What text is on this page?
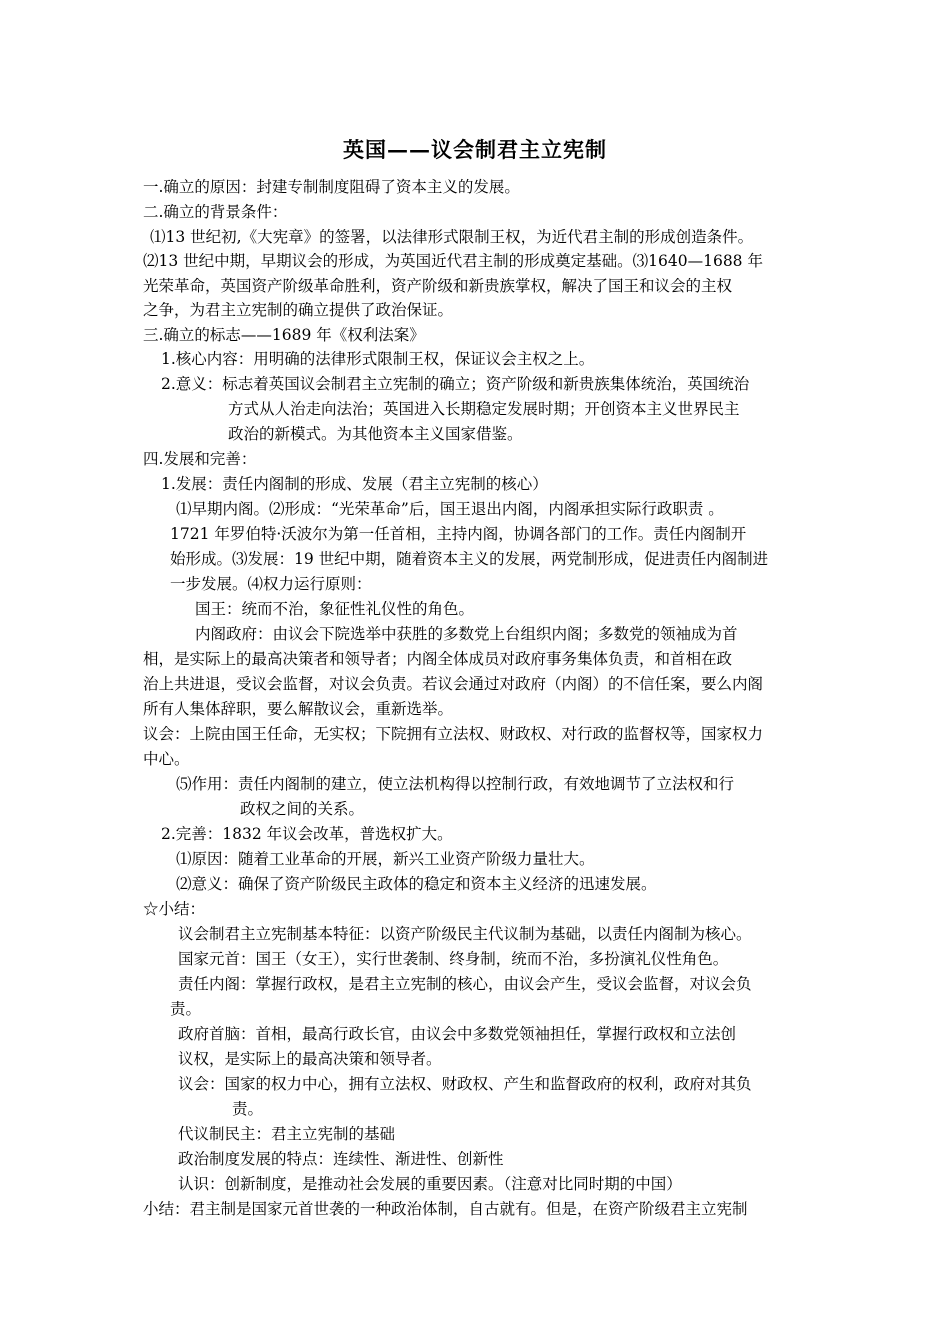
英国——议会制君主立宪制
一.确立的原因：封建专制制度阻碍了资本主义的发展。
二.确立的背景条件：
⑴13 世纪初,《大宪章》的签署，以法律形式限制王权，为近代君主制的形成创造条件。
⑵13 世纪中期，早期议会的形成，为英国近代君主制的形成奠定基础。⑶1640—1688 年
光荣革命，英国资产阶级革命胜利，资产阶级和新贵族掌权，解决了国王和议会的主权
之争，为君主立宪制的确立提供了政治保证。
三.确立的标志——1689 年《权利法案》
1.核心内容：用明确的法律形式限制王权，保证议会主权之上。
2.意义：标志着英国议会制君主立宪制的确立；资产阶级和新贵族集体统治，英国统治
方式从人治走向法治；英国进入长期稳定发展时期；开创资本主义世界民主
政治的新模式。为其他资本主义国家借鉴。
四.发展和完善：
1.发展：责任内阁制的形成、发展（君主立宪制的核心）
⑴早期内阁。⑵形成：“光荣革命”后，国王退出内阁，内阁承担实际行政职责 。
1721 年罗伯特·沃波尔为第一任首相，主持内阁，协调各部门的工作。责任内阁制开
始形成。⑶发展：19 世纪中期，随着资本主义的发展，两党制形成，促进责任内阁制进
一步发展。⑷权力运行原则：
国王：统而不治，象征性礼仪性的角色。
内阁政府：由议会下院选举中获胜的多数党上台组织内阁；多数党的领袖成为首
相，是实际上的最高决策者和领导者；内阁全体成员对政府事务集体负责，和首相在政
治上共进退，受议会监督，对议会负责。若议会通过对政府（内阁）的不信任案，要么内阁
所有人集体辞职，要么解散议会，重新选举。
议会：上院由国王任命，无实权；下院拥有立法权、财政权、对行政的监督权等，国家权力
中心。
⑸作用：责任内阁制的建立，使立法机构得以控制行政，有效地调节了立法权和行
政权之间的关系。
2.完善：1832 年议会改革，普选权扩大。
⑴原因：随着工业革命的开展，新兴工业资产阶级力量壮大。
⑵意义：确保了资产阶级民主政体的稳定和资本主义经济的迅速发展。
☆小结：
议会制君主立宪制基本特征：以资产阶级民主代议制为基础，以责任内阁制为核心。
国家元首：国王（女王），实行世袭制、终身制，统而不治，多扮演礼仪性角色。
责任内阁：掌握行政权，是君主立宪制的核心，由议会产生，受议会监督，对议会负
责。
政府首脑：首相，最高行政长官，由议会中多数党领袖担任，掌握行政权和立法创
议权，是实际上的最高决策和领导者。
议会：国家的权力中心，拥有立法权、财政权、产生和监督政府的权利，政府对其负
责。
代议制民主：君主立宪制的基础
政治制度发展的特点：连续性、渐进性、创新性
认识：创新制度，是推动社会发展的重要因素。（注意对比同时期的中国）
小结：君主制是国家元首世袭的一种政治体制，自古就有。但是，在资产阶级君主立宪制
